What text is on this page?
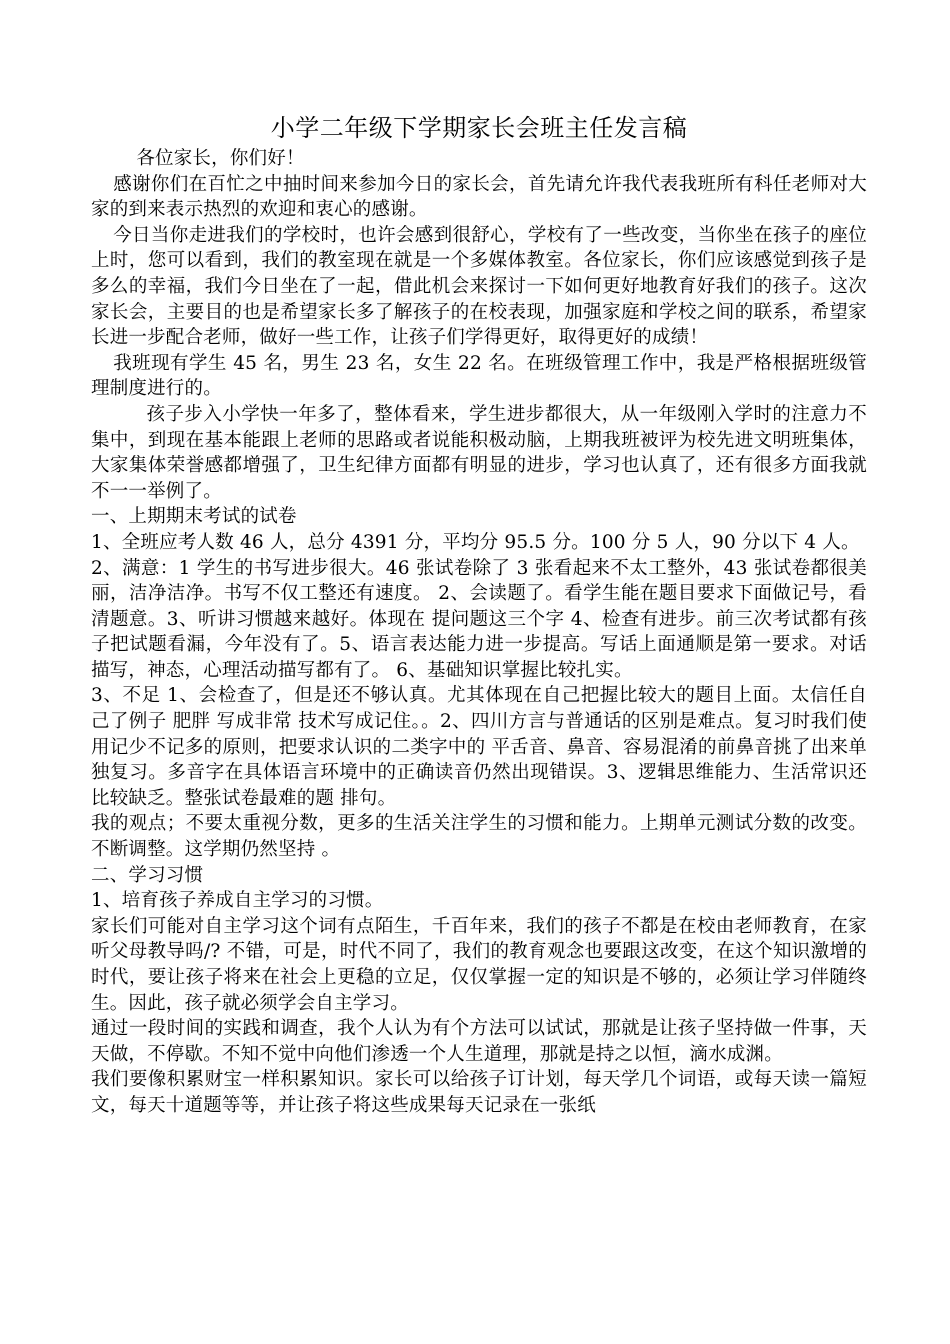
小学二年级下学期家长会班主任发言稿

各位家长，你们好！

感谢你们在百忙之中抽时间来参加今日的家长会，首先请允许我代表我班所有科任老师对大家的到来表示热烈的欢迎和衷心的感谢。

今日当你走进我们的学校时，也许会感到很舒心，学校有了一些改变，当你坐在孩子的座位上时，您可以看到，我们的教室现在就是一个多媒体教室。各位家长，你们应该感觉到孩子是多么的幸福，我们今日坐在了一起，借此机会来探讨一下如何更好地教育好我们的孩子。这次家长会，主要目的也是希望家长多了解孩子的在校表现，加强家庭和学校之间的联系，希望家长进一步配合老师，做好一些工作，让孩子们学得更好，取得更好的成绩！

我班现有学生 45 名，男生 23 名，女生 22 名。在班级管理工作中，我是严格根据班级管理制度进行的。

孩子步入小学快一年多了，整体看来，学生进步都很大，从一年级刚入学时的注意力不集中，到现在基本能跟上老师的思路或者说能积极动脑，上期我班被评为校先进文明班集体，大家集体荣誉感都增强了，卫生纪律方面都有明显的进步，学习也认真了，还有很多方面我就不一一举例了。

一、上期期末考试的试卷

1、全班应考人数 46 人，总分 4391 分，平均分 95.5 分。100 分 5 人，90 分以下 4 人。

2、满意：1 学生的书写进步很大。46 张试卷除了 3 张看起来不太工整外，43 张试卷都很美丽，洁净洁净。书写不仅工整还有速度。 2、会读题了。看学生能在题目要求下面做记号，看清题意。3、听讲习惯越来越好。体现在 提问题这三个字 4、检查有进步。前三次考试都有孩子把试题看漏，今年没有了。5、语言表达能力进一步提高。写话上面通顺是第一要求。对话描写，神态，心理活动描写都有了。 6、基础知识掌握比较扎实。

3、不足 1、会检查了，但是还不够认真。尤其体现在自己把握比较大的题目上面。太信任自己了例子 肥胖 写成非常 技术写成记住。。2、四川方言与普通话的区别是难点。复习时我们使用记少不记多的原则，把要求认识的二类字中的 平舌音、鼻音、容易混淆的前鼻音挑了出来单独复习。多音字在具体语言环境中的正确读音仍然出现错误。3、逻辑思维能力、生活常识还比较缺乏。整张试卷最难的题 排句。

我的观点；不要太重视分数，更多的生活关注学生的习惯和能力。上期单元测试分数的改变。不断调整。这学期仍然坚持 。

二、学习习惯

1、培育孩子养成自主学习的习惯。

家长们可能对自主学习这个词有点陌生，千百年来，我们的孩子不都是在校由老师教育，在家听父母教导吗/? 不错，可是，时代不同了，我们的教育观念也要跟这改变，在这个知识激增的时代，要让孩子将来在社会上更稳的立足，仅仅掌握一定的知识是不够的，必须让学习伴随终生。因此，孩子就必须学会自主学习。

通过一段时间的实践和调查，我个人认为有个方法可以试试，那就是让孩子坚持做一件事，天天做，不停歇。不知不觉中向他们渗透一个人生道理，那就是持之以恒，滴水成渊。

我们要像积累财宝一样积累知识。家长可以给孩子订计划，每天学几个词语，或每天读一篇短文，每天十道题等等，并让孩子将这些成果每天记录在一张纸
